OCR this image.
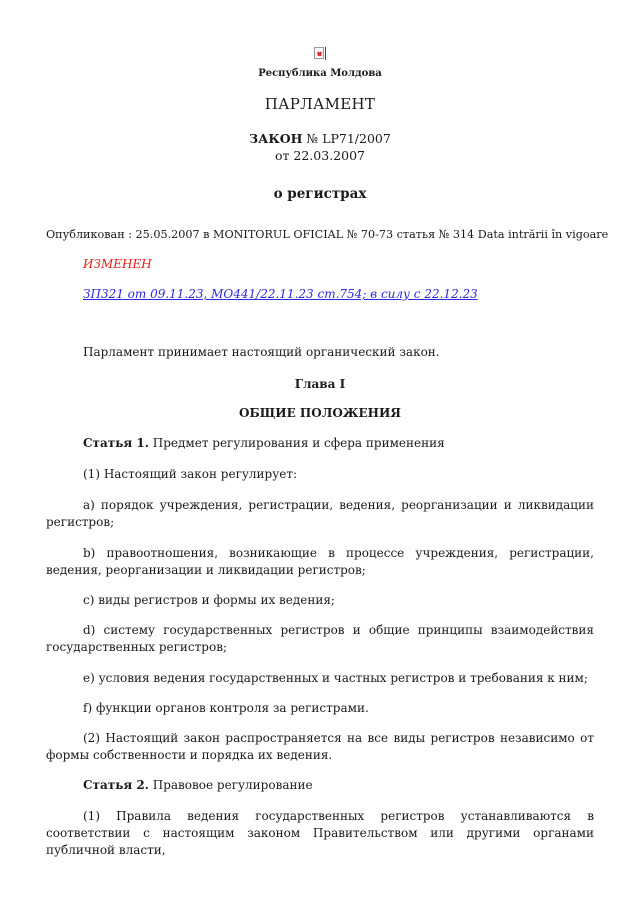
Республика Молдова
ПАРЛАМЕНТ
ЗАКОН № LP71/2007
от 22.03.2007
о регистрах
Опубликован : 25.05.2007 в MONITORUL OFICIAL № 70-73 статья № 314 Data intrării în vigoare
ИЗМЕНЕН
ЗП321 от 09.11.23, MO441/22.11.23 ст.754; в силу с 22.12.23
Парламент принимает настоящий органический закон.
Глава I
ОБЩИЕ ПОЛОЖЕНИЯ
Статья 1. Предмет регулирования и сфера применения
(1) Настоящий закон регулирует:
a) порядок учреждения, регистрации, ведения, реорганизации и ликвидации регистров;
b) правоотношения, возникающие в процессе учреждения, регистрации, ведения, реорганизации и ликвидации регистров;
c) виды регистров и формы их ведения;
d) систему государственных регистров и общие принципы взаимодействия государственных регистров;
e) условия ведения государственных и частных регистров и требования к ним;
f) функции органов контроля за регистрами.
(2) Настоящий закон распространяется на все виды регистров независимо от формы собственности и порядка их ведения.
Статья 2. Правовое регулирование
(1) Правила ведения государственных регистров устанавливаются в соответствии с настоящим законом Правительством или другими органами публичной власти,
